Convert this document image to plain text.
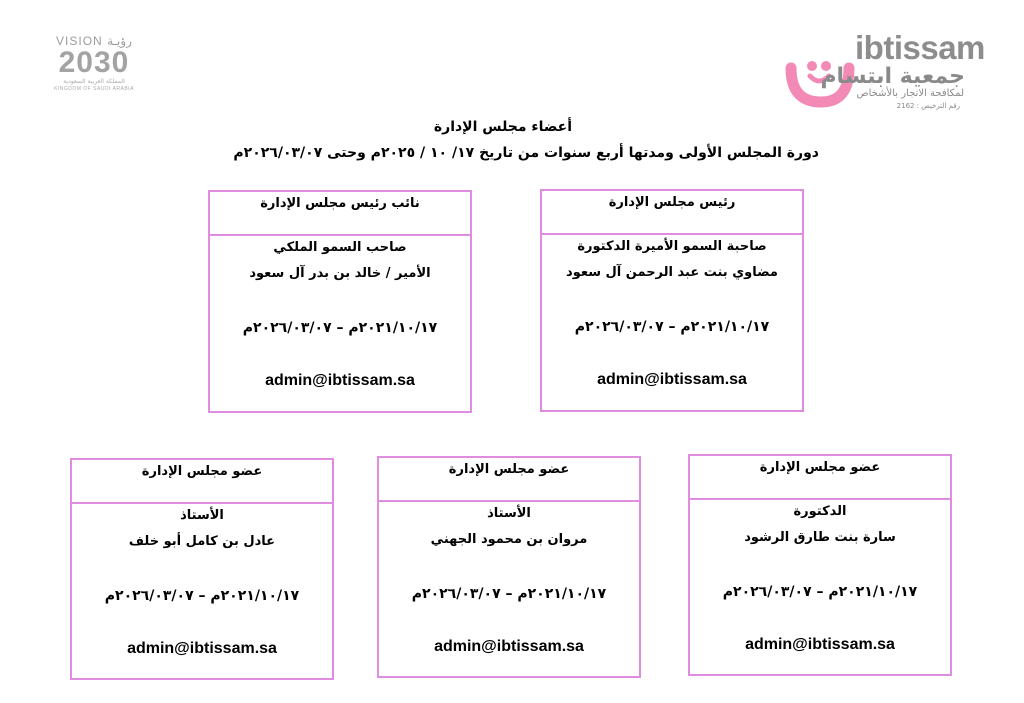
VISION رؤيـة
2030
المملكة العربية السعودية
KINGDOM OF SAUDI ARABIA
ibtissam
جمعية ابتسام
لمكافحة الاتجار بالأشخاص
رقم الترخيص : 2162
أعضاء مجلس الإدارة
دورة المجلس الأولى ومدتها أربع سنوات من تاريخ ١٧/ ١٠ / ٢٠٢٥م وحتى ٢٠٢٦/٠٣/٠٧م
رئيس مجلس الإدارة
صاحبة السمو الأميرة الدكتورة
مضاوي بنت عبد الرحمن آل سعود
٢٠٢١/١٠/١٧م – ٢٠٢٦/٠٣/٠٧م
admin@ibtissam.sa
نائب رئيس مجلس الإدارة
صاحب السمو الملكي
الأمير / خالد بن بدر آل سعود
٢٠٢١/١٠/١٧م – ٢٠٢٦/٠٣/٠٧م
admin@ibtissam.sa
عضو مجلس الإدارة
الدكتورة
سارة بنت طارق الرشود
٢٠٢١/١٠/١٧م – ٢٠٢٦/٠٣/٠٧م
admin@ibtissam.sa
عضو مجلس الإدارة
الأستاذ
مروان بن محمود الجهني
٢٠٢١/١٠/١٧م – ٢٠٢٦/٠٣/٠٧م
admin@ibtissam.sa
عضو مجلس الإدارة
الأستاذ
عادل بن كامل أبو خلف
٢٠٢١/١٠/١٧م – ٢٠٢٦/٠٣/٠٧م
admin@ibtissam.sa
